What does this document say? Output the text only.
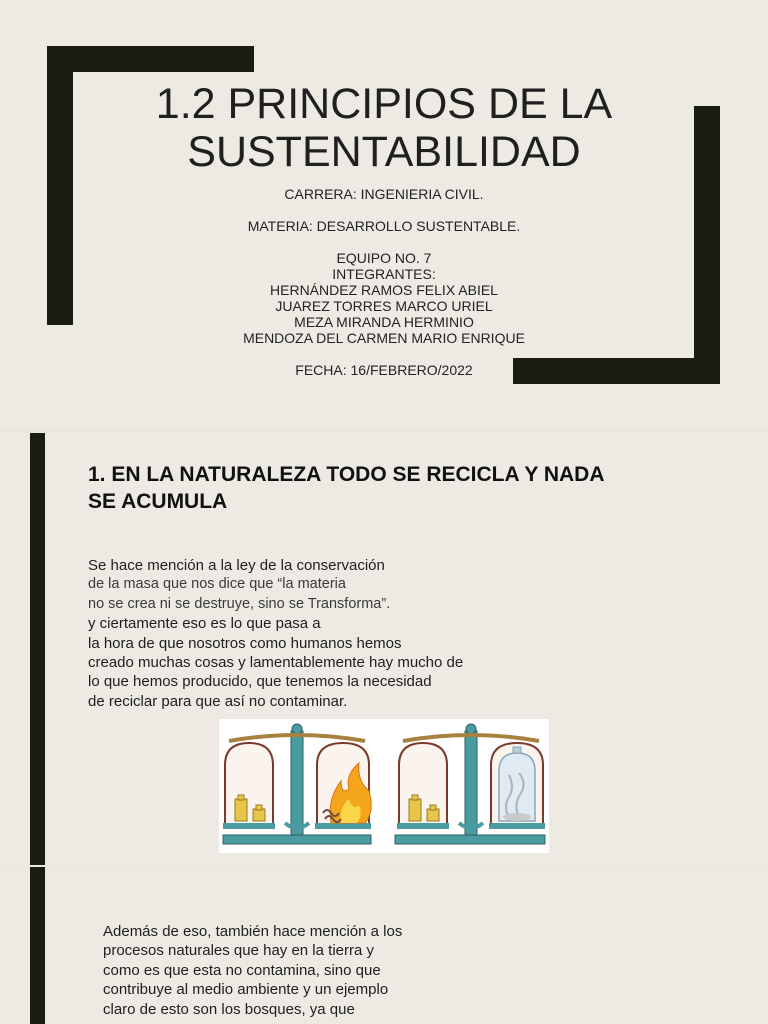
1.2 PRINCIPIOS DE LA
SUSTENTABILIDAD
CARRERA: INGENIERIA CIVIL.
MATERIA: DESARROLLO SUSTENTABLE.
EQUIPO NO. 7
INTEGRANTES:
HERNÁNDEZ RAMOS FELIX ABIEL
JUAREZ TORRES MARCO URIEL
MEZA MIRANDA HERMINIO
MENDOZA DEL CARMEN MARIO ENRIQUE
FECHA: 16/FEBRERO/2022
1. EN LA NATURALEZA TODO SE RECICLA Y NADA
SE ACUMULA
Se hace mención a la ley de la conservación
de la masa que nos dice que “la materia
no se crea ni se destruye, sino se Transforma”.
y ciertamente eso es lo que pasa a
la hora de que nosotros como humanos hemos
creado muchas cosas y lamentablemente hay mucho de
lo que hemos producido, que tenemos la necesidad
de reciclar para que así no contaminar.
Además de eso, también hace mención a los
procesos naturales que hay en la tierra y
como es que esta no contamina, sino que
contribuye al medio ambiente y un ejemplo
claro de esto son los bosques, ya que
